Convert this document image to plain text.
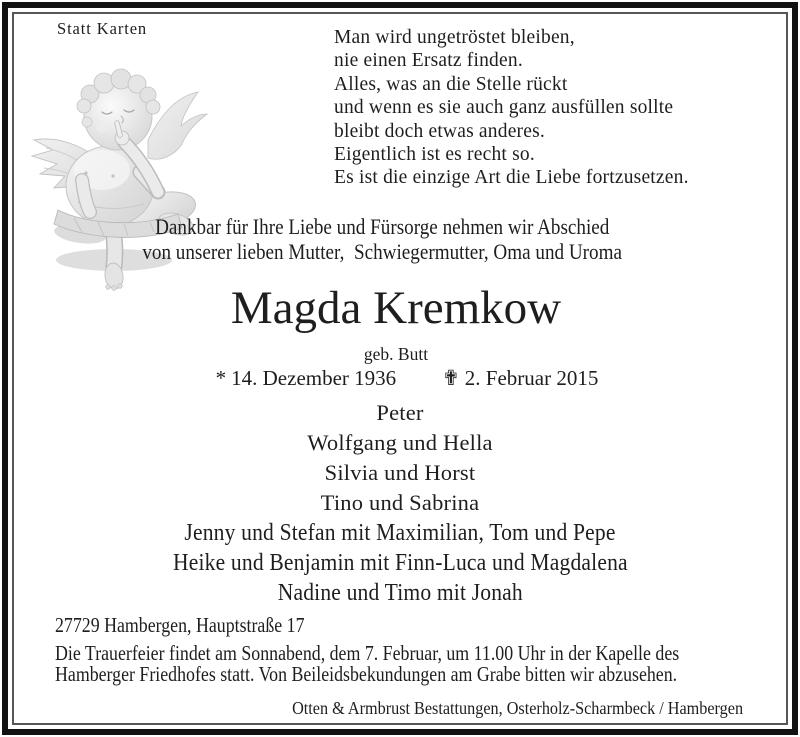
Statt Karten	Man wird ungetröstet bleiben,
nie einen Ersatz finden.
Alles, was an die Stelle rückt
und wenn es sie auch ganz ausfüllen sollte
bleibt doch etwas anderes.
Eigentlich ist es recht so.
Es ist die einzige Art die Liebe fortzusetzen.
Dankbar für Ihre Liebe und Fürsorge nehmen wir Abschied
von unserer lieben Mutter,  Schwiegermutter, Oma und Uroma
Magda Kremkow
geb. Butt
* 14. Dezember 1936 ✟ 2. Februar 2015
Peter
Wolfgang und Hella
Silvia und Horst
Tino und Sabrina
Jenny und Stefan mit Maximilian, Tom und Pepe
Heike und Benjamin mit Finn-Luca und Magdalena
Nadine und Timo mit Jonah
27729 Hambergen, Hauptstraße 17
Die Trauerfeier findet am Sonnabend, dem 7. Februar, um 11.00 Uhr in der Kapelle des
Hamberger Friedhofes statt. Von Beileidsbekundungen am Grabe bitten wir abzusehen.
Otten & Armbrust Bestattungen, Osterholz-Scharmbeck / Hambergen
